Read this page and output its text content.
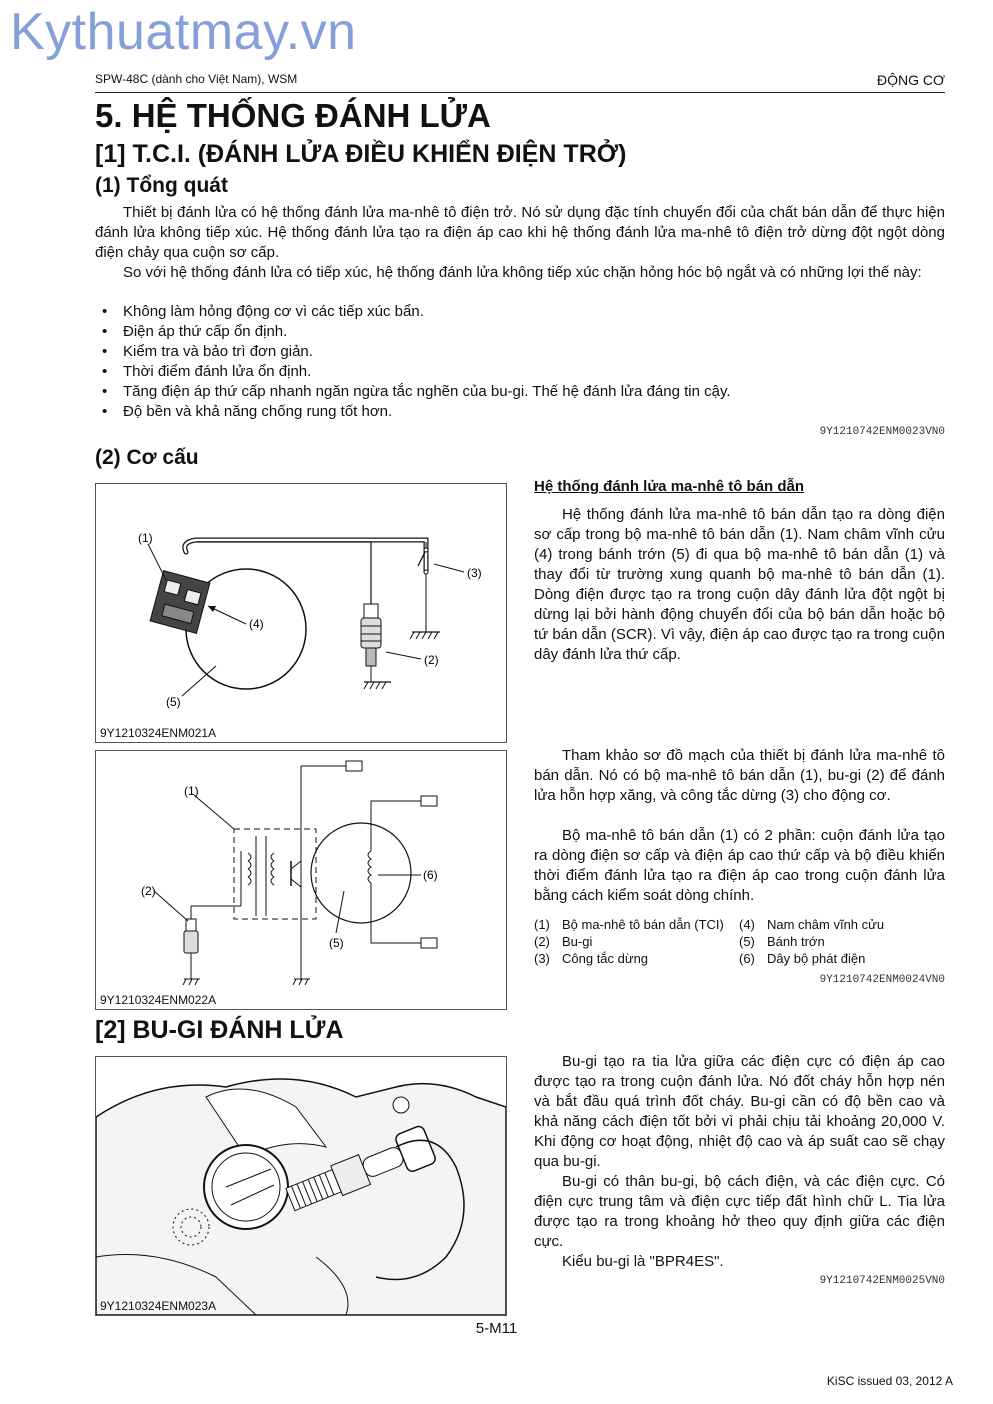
Kythuatmay.vn
SPW-48C (dành cho Việt Nam), WSM	ĐỘNG CƠ
5. HỆ THỐNG ĐÁNH LỬA
[1] T.C.I. (ĐÁNH LỬA ĐIỀU KHIỂN ĐIỆN TRỞ)
(1) Tổng quát

Thiết bị đánh lửa có hệ thống đánh lửa ma-nhê tô điện trở. Nó sử dụng đặc tính chuyển đổi của chất bán dẫn để thực hiện đánh lửa không tiếp xúc. Hệ thống đánh lửa tạo ra điện áp cao khi hệ thống đánh lửa ma-nhê tô điện trở dừng đột ngột dòng điện chảy qua cuộn sơ cấp.

So với hệ thống đánh lửa có tiếp xúc, hệ thống đánh lửa không tiếp xúc chặn hỏng hóc bộ ngắt và có những lợi thế này:

• Không làm hỏng động cơ vì các tiếp xúc bẩn.
• Điện áp thứ cấp ổn định.
• Kiểm tra và bảo trì đơn giản.
• Thời điểm đánh lửa ổn định.
• Tăng điện áp thứ cấp nhanh ngăn ngừa tắc nghẽn của bu-gi. Thế hệ đánh lửa đáng tin cậy.
• Độ bền và khả năng chống rung tốt hơn.
9Y1210742ENM0023VN0
(2) Cơ cấu
(1)
(3)
(4)
(2)
(5)
9Y1210324ENM021A
(1)
(2)
(5)
(6)
9Y1210324ENM022A
Hệ thống đánh lửa ma-nhê tô bán dẫn

Hệ thống đánh lửa ma-nhê tô bán dẫn tạo ra dòng điện sơ cấp trong bộ ma-nhê tô bán dẫn (1). Nam châm vĩnh cửu (4) trong bánh trớn (5) đi qua bộ ma-nhê tô bán dẫn (1) và thay đổi từ trường xung quanh bộ ma-nhê tô bán dẫn (1). Dòng điện được tạo ra trong cuộn dây đánh lửa đột ngột bị dừng lại bởi hành động chuyển đổi của bộ bán dẫn hoặc bộ tứ bán dẫn (SCR). Vì vậy, điện áp cao được tạo ra trong cuộn dây đánh lửa thứ cấp.

Tham khảo sơ đồ mạch của thiết bị đánh lửa ma-nhê tô bán dẫn. Nó có bộ ma-nhê tô bán dẫn (1), bu-gi (2) để đánh lửa hỗn hợp xăng, và công tắc dừng (3) cho động cơ.

Bộ ma-nhê tô bán dẫn (1) có 2 phần: cuộn đánh lửa tạo ra dòng điện sơ cấp và điện áp cao thứ cấp và bộ điều khiển thời điểm đánh lửa tạo ra điện áp cao trong cuộn đánh lửa bằng cách kiểm soát dòng chính.

(1) Bộ ma-nhê tô bán dẫn (TCI) (4) Nam châm vĩnh cửu
(2) Bu-gi	(5) Bánh trớn
(3) Công tắc dừng	(6) Dây bộ phát điện
9Y1210742ENM0024VN0
[2] BU-GI ĐÁNH LỬA
9Y1210324ENM023A

Bu-gi tạo ra tia lửa giữa các điện cực có điện áp cao được tạo ra trong cuộn đánh lửa. Nó đốt cháy hỗn hợp nén và bắt đầu quá trình đốt cháy. Bu-gi cần có độ bền cao và khả năng cách điện tốt bởi vì phải chịu tải khoảng 20,000 V. Khi động cơ hoạt động, nhiệt độ cao và áp suất cao sẽ chạy qua bu-gi.

Bu-gi có thân bu-gi, bộ cách điện, và các điện cực. Có điện cực trung tâm và điện cực tiếp đất hình chữ L. Tia lửa được tạo ra trong khoảng hở theo quy định giữa các điện cực.

Kiểu bu-gi là "BPR4ES".

9Y1210742ENM0025VN0
5-M11
KiSC issued 03, 2012 A
